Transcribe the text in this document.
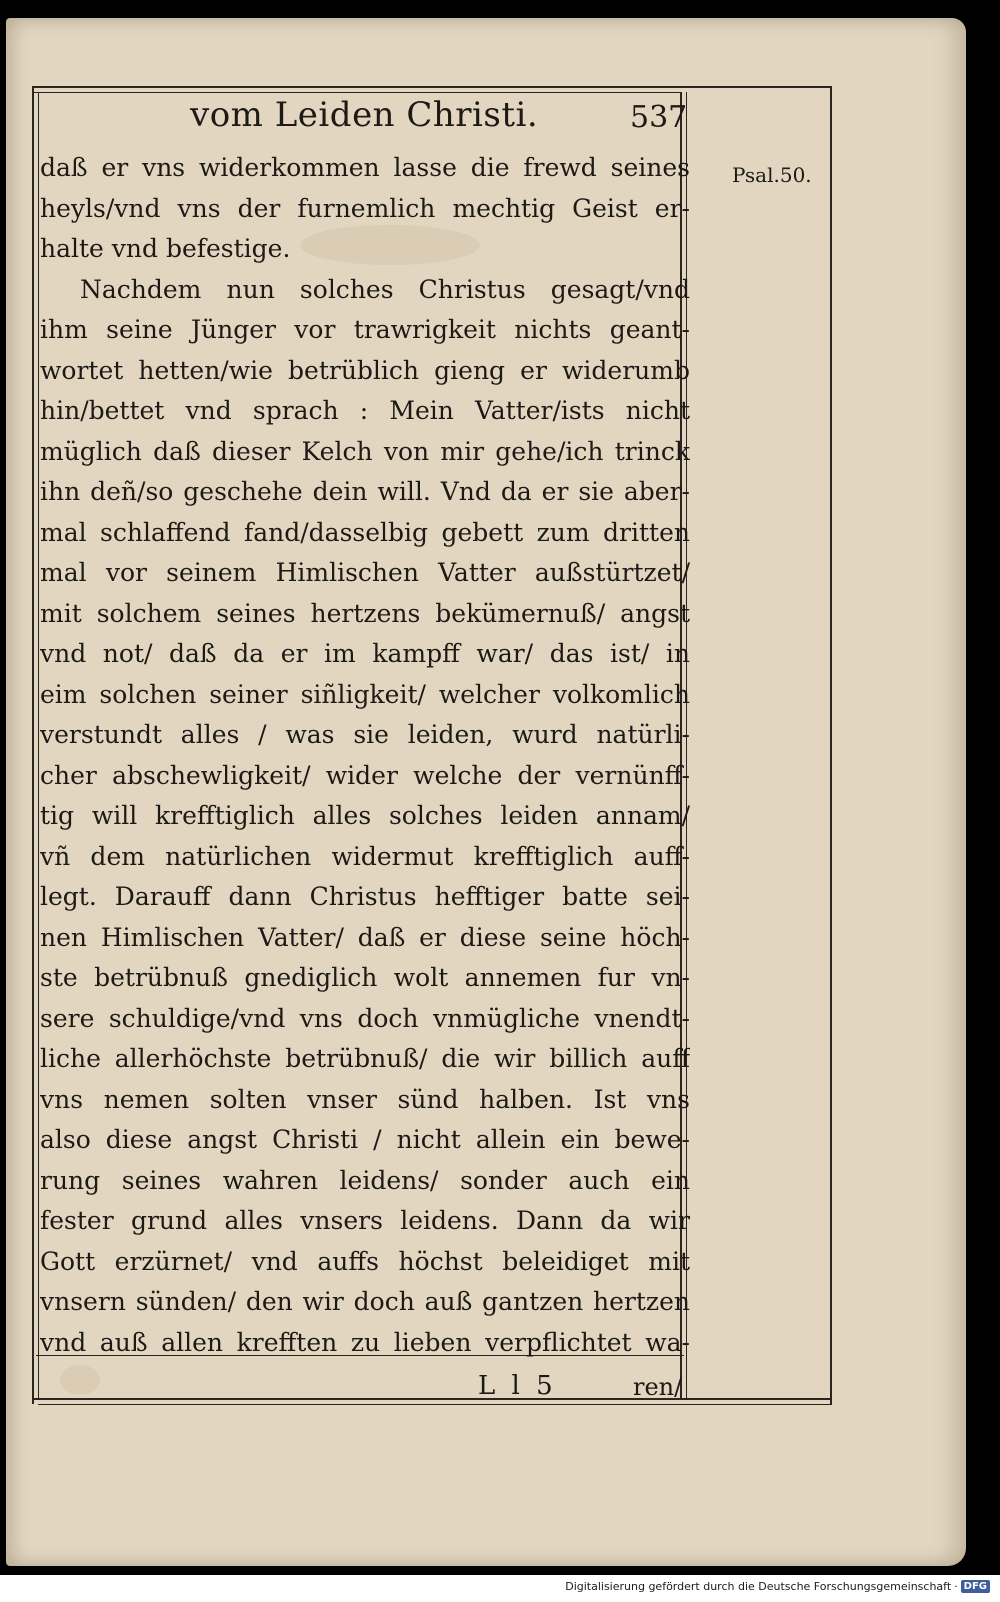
vom Leiden Christi.	537
Psal.50.
daß er vns widerkommen lasse die frewd seines
heyls/vnd vns der furnemlich mechtig Geist er-
halte vnd befestige.
Nachdem nun solches Christus gesagt/vnd
ihm seine Jünger vor trawrigkeit nichts geant-
wortet hetten/wie betrüblich gieng er widerumb
hin/bettet vnd sprach : Mein Vatter/ists nicht
müglich daß dieser Kelch von mir gehe/ich trinck
ihn deñ/so geschehe dein will. Vnd da er sie aber-
mal schlaffend fand/dasselbig gebett zum dritten
mal vor seinem Himlischen Vatter außstürtzet/
mit solchem seines hertzens bekümernuß/ angst
vnd not/ daß da er im kampff war/ das ist/ in
eim solchen seiner siñligkeit/ welcher volkomlich
verstundt alles / was sie leiden, wurd natürli-
cher abschewligkeit/ wider welche der vernünff-
tig will krefftiglich alles solches leiden annam/
vñ dem natürlichen widermut krefftiglich auff-
legt. Darauff dann Christus hefftiger batte sei-
nen Himlischen Vatter/ daß er diese seine höch-
ste betrübnuß gnediglich wolt annemen fur vn-
sere schuldige/vnd vns doch vnmügliche vnendt-
liche allerhöchste betrübnuß/ die wir billich auff
vns nemen solten vnser sünd halben. Ist vns
also diese angst Christi / nicht allein ein bewe-
rung seines wahren leidens/ sonder auch ein
fester grund alles vnsers leidens. Dann da wir
Gott erzürnet/ vnd auffs höchst beleidiget mit
vnsern sünden/ den wir doch auß gantzen hertzen
vnd auß allen krefften zu lieben verpflichtet wa-
L l 5	ren/
Digitalisierung gefördert durch die Deutsche Forschungsgemeinschaft · DFG
